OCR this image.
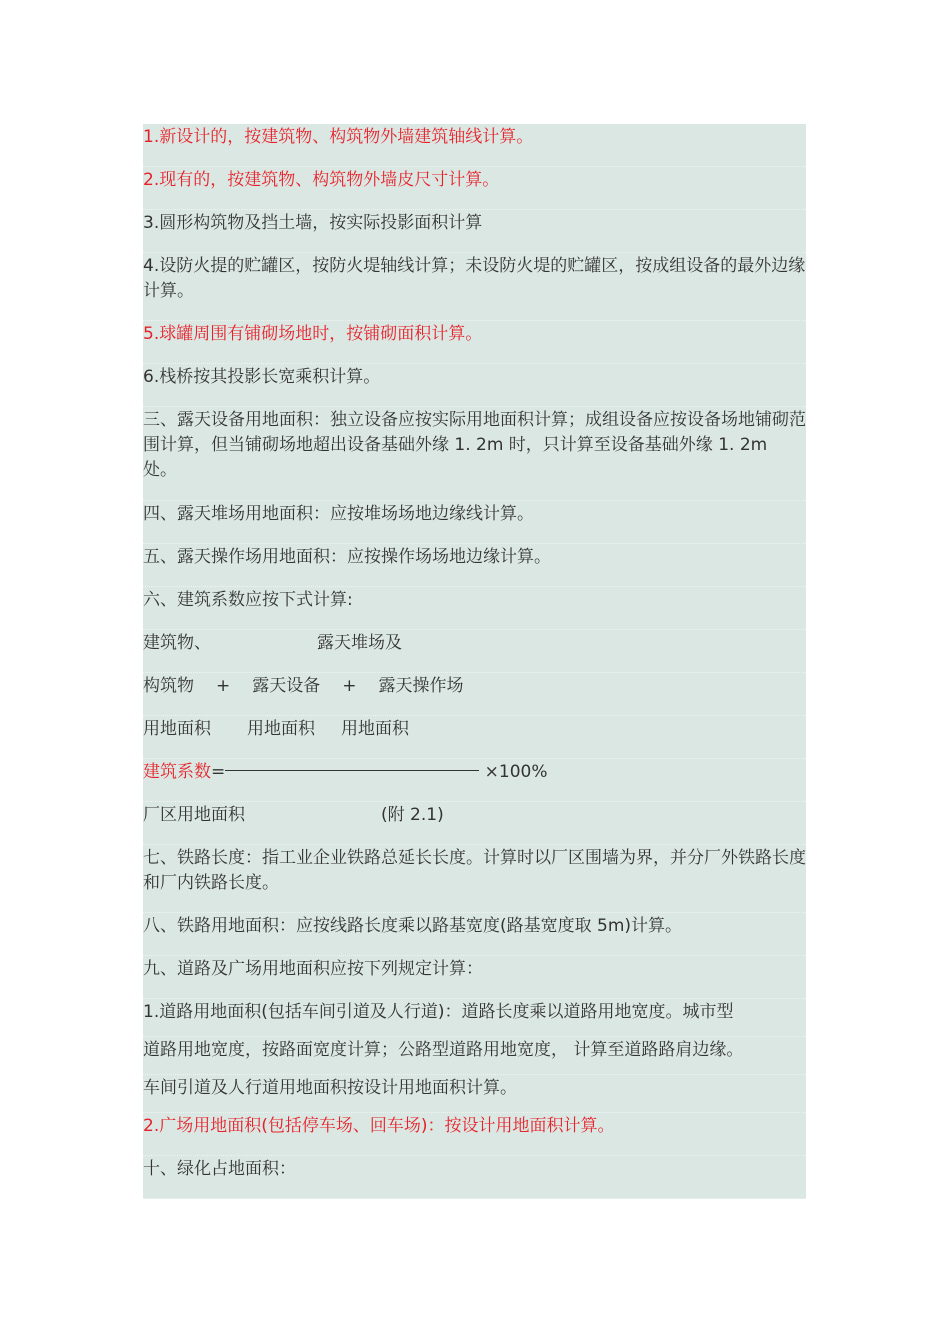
1.新设计的，按建筑物、构筑物外墙建筑轴线计算。
2.现有的，按建筑物、构筑物外墙皮尺寸计算。
3.圆形构筑物及挡土墙，按实际投影面积计算
4.设防火提的贮罐区，按防火堤轴线计算；未设防火堤的贮罐区，按成组设备的最外边缘计算。
5.球罐周围有铺砌场地时，按铺砌面积计算。
6.栈桥按其投影长宽乘积计算。
三、露天设备用地面积：独立设备应按实际用地面积计算；成组设备应按设备场地铺砌范围计算，但当铺砌场地超出设备基础外缘 1. 2m 时，只计算至设备基础外缘 1. 2m 处。
四、露天堆场用地面积：应按堆场场地边缘线计算。
五、露天操作场用地面积：应按操作场场地边缘计算。
六、建筑系数应按下式计算:
建筑物、	露天堆场及
构筑物 + 露天设备 + 露天操作场
用地面积 用地面积 用地面积
建筑系数=	×100%
厂区用地面积	(附 2.1)
七、铁路长度：指工业企业铁路总延长长度。计算时以厂区围墙为界，并分厂外铁路长度和厂内铁路长度。
八、铁路用地面积：应按线路长度乘以路基宽度(路基宽度取 5m)计算。
九、道路及广场用地面积应按下列规定计算：
1.道路用地面积(包括车间引道及人行道)：道路长度乘以道路用地宽度。城市型
道路用地宽度，按路面宽度计算；公路型道路用地宽度， 计算至道路路肩边缘。
车间引道及人行道用地面积按设计用地面积计算。
2.广场用地面积(包括停车场、回车场)：按设计用地面积计算。
十、绿化占地面积：
